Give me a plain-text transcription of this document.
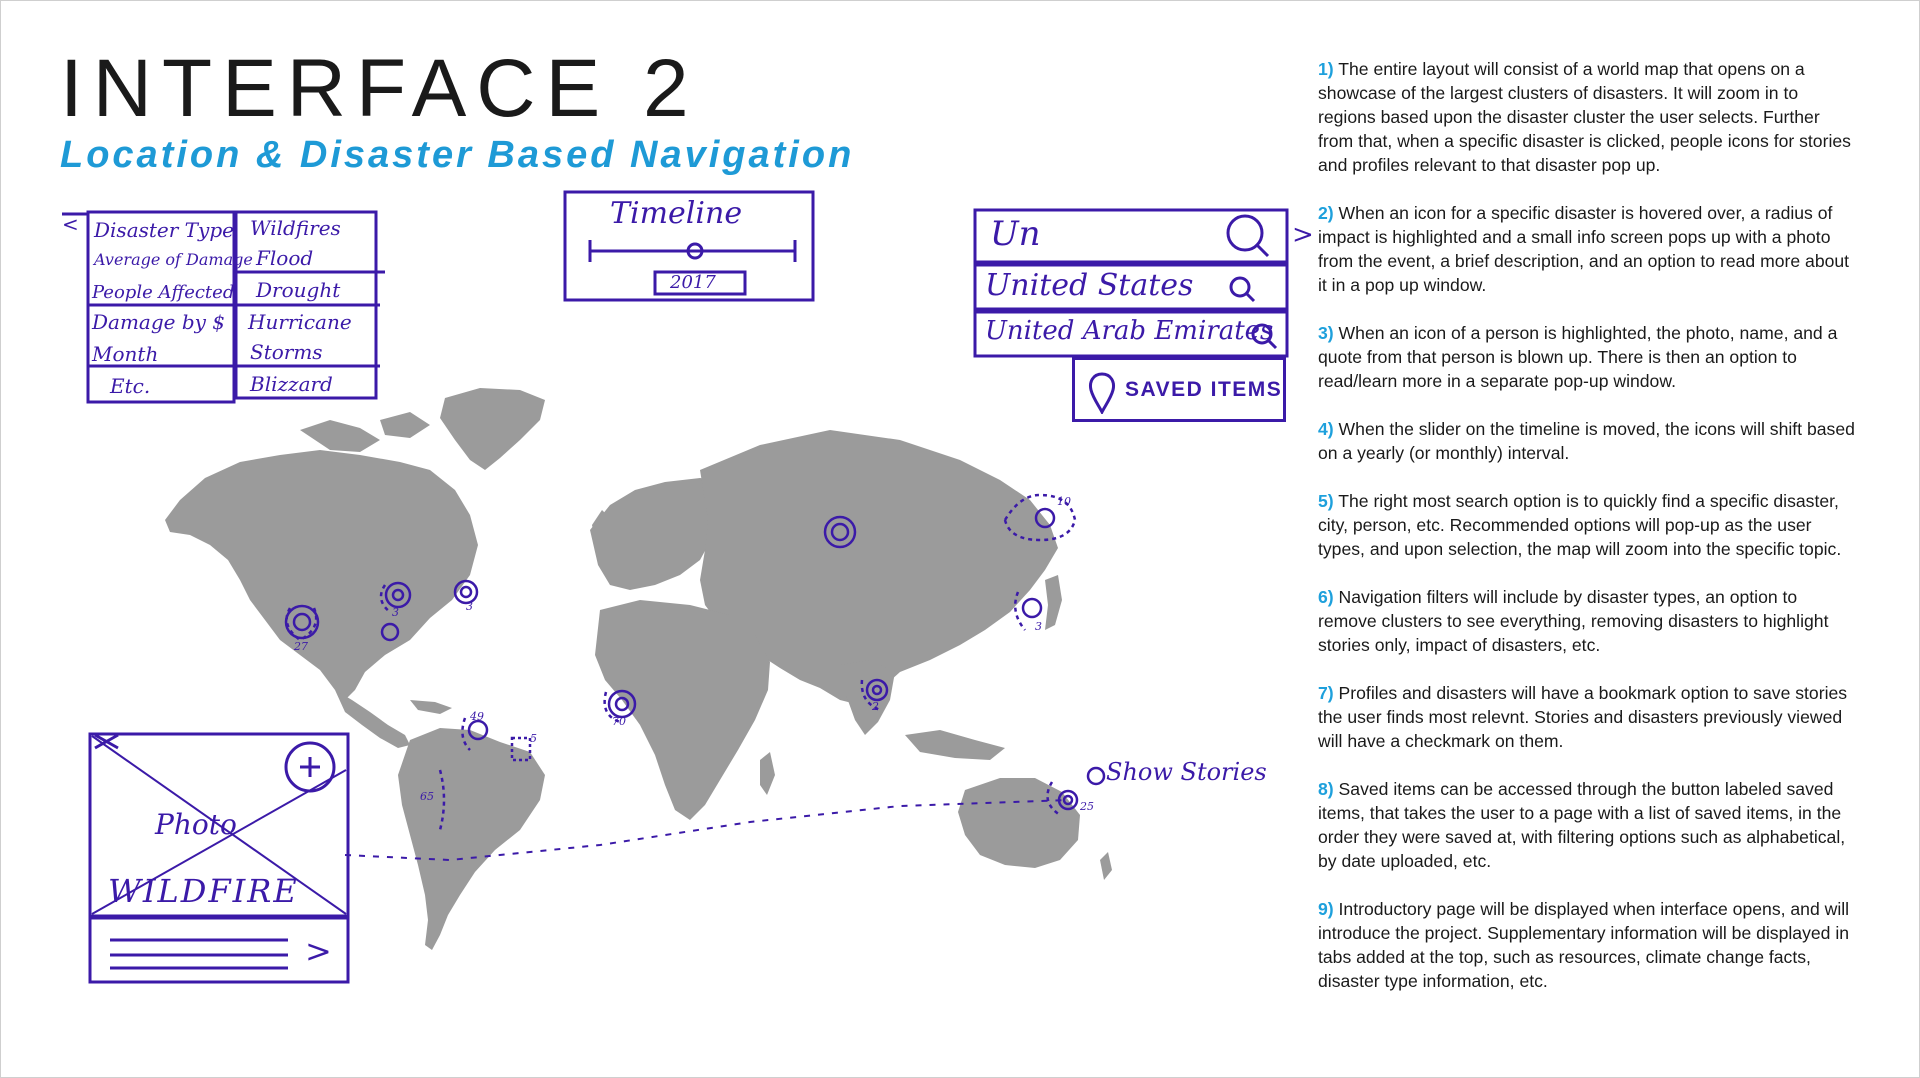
INTERFACE 2
Location & Disaster Based Navigation
27
3	3
10
3
2
70
49
5
65
25
Show Stories
< Disaster Type
Average of Damage
People Affected
Damage by $
Month
Etc.
Wildfires
Flood
Drought
Hurricane
Storms
Blizzard
Timeline
2017
Un
United States
United Arab Emirates
>
SAVED ITEMS
Photo
WILDFIRE
>

1) The entire layout will consist of a world map that opens on a showcase of the largest clusters of disasters. It will zoom in to regions based upon the disaster cluster the user selects. Further from that, when a specific disaster is clicked, people icons for stories and profiles relevant to that disaster pop up.

2) When an icon for a specific disaster is hovered over, a radius of impact is highlighted and a small info screen pops up with a photo from the event, a brief description, and an option to read more about it in a pop up window.

3) When an icon of a person is highlighted, the photo, name, and a quote from that person is blown up. There is then an option to read/learn more in a separate pop-up window.

4) When the slider on the timeline is moved, the icons will shift based on a yearly (or monthly) interval.

5) The right most search option is to quickly find a specific disaster, city, person, etc. Recommended options will pop-up as the user types, and upon selection, the map will zoom into the specific topic.

6) Navigation filters will include by disaster types, an option to remove clusters to see everything, removing disasters to highlight stories only, impact of disasters, etc.

7) Profiles and disasters will have a bookmark option to save stories the user finds most relevnt. Stories and disasters previously viewed will have a checkmark on them.

8) Saved items can be accessed through the button labeled saved items, that takes the user to a page with a list of saved items, in the order they were saved at, with filtering options such as alphabetical, by date uploaded, etc.

9) Introductory page will be displayed when interface opens, and will introduce the project. Supplementary information will be displayed in tabs added at the top, such as resources, climate change facts, disaster type information, etc.
